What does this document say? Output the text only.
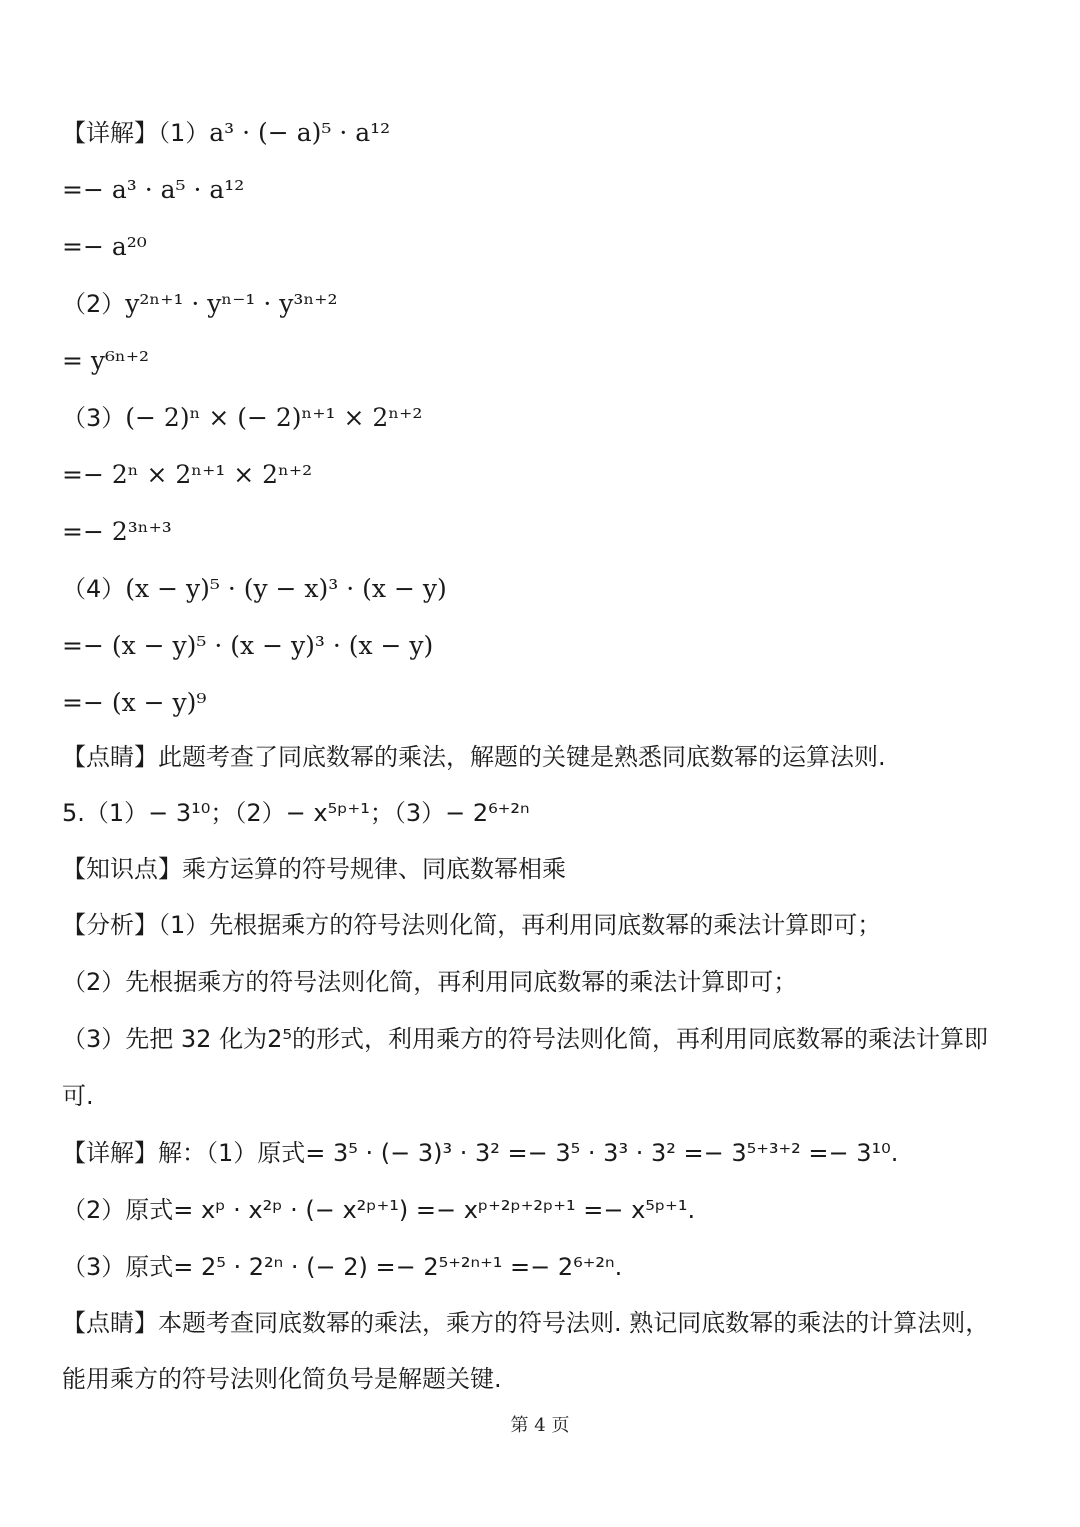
【详解】（1）a³ · (− a)⁵ · a¹²
=− a³ · a⁵ · a¹²
=− a²⁰
（2）y²ⁿ⁺¹ · yⁿ⁻¹ · y³ⁿ⁺²
= y⁶ⁿ⁺²
（3）(− 2)ⁿ × (− 2)ⁿ⁺¹ × 2ⁿ⁺²
=− 2ⁿ × 2ⁿ⁺¹ × 2ⁿ⁺²
=− 2³ⁿ⁺³
（4）(x − y)⁵ · (y − x)³ · (x − y)
=− (x − y)⁵ · (x − y)³ · (x − y)
=− (x − y)⁹
【点睛】此题考查了同底数幂的乘法，解题的关键是熟悉同底数幂的运算法则.
5.（1）− 3¹⁰；（2）− x⁵ᵖ⁺¹；（3）− 2⁶⁺²ⁿ
【知识点】乘方运算的符号规律、同底数幂相乘
【分析】（1）先根据乘方的符号法则化简，再利用同底数幂的乘法计算即可；
（2）先根据乘方的符号法则化简，再利用同底数幂的乘法计算即可；
（3）先把 32 化为2⁵的形式，利用乘方的符号法则化简，再利用同底数幂的乘法计算即
可.
【详解】解：（1）原式= 3⁵ · (− 3)³ · 3² =− 3⁵ · 3³ · 3² =− 3⁵⁺³⁺² =− 3¹⁰.
（2）原式= xᵖ · x²ᵖ · (− x²ᵖ⁺¹) =− xᵖ⁺²ᵖ⁺²ᵖ⁺¹ =− x⁵ᵖ⁺¹.
（3）原式= 2⁵ · 2²ⁿ · (− 2) =− 2⁵⁺²ⁿ⁺¹ =− 2⁶⁺²ⁿ.
【点睛】本题考查同底数幂的乘法，乘方的符号法则. 熟记同底数幂的乘法的计算法则，
能用乘方的符号法则化简负号是解题关键.
第 4 页
